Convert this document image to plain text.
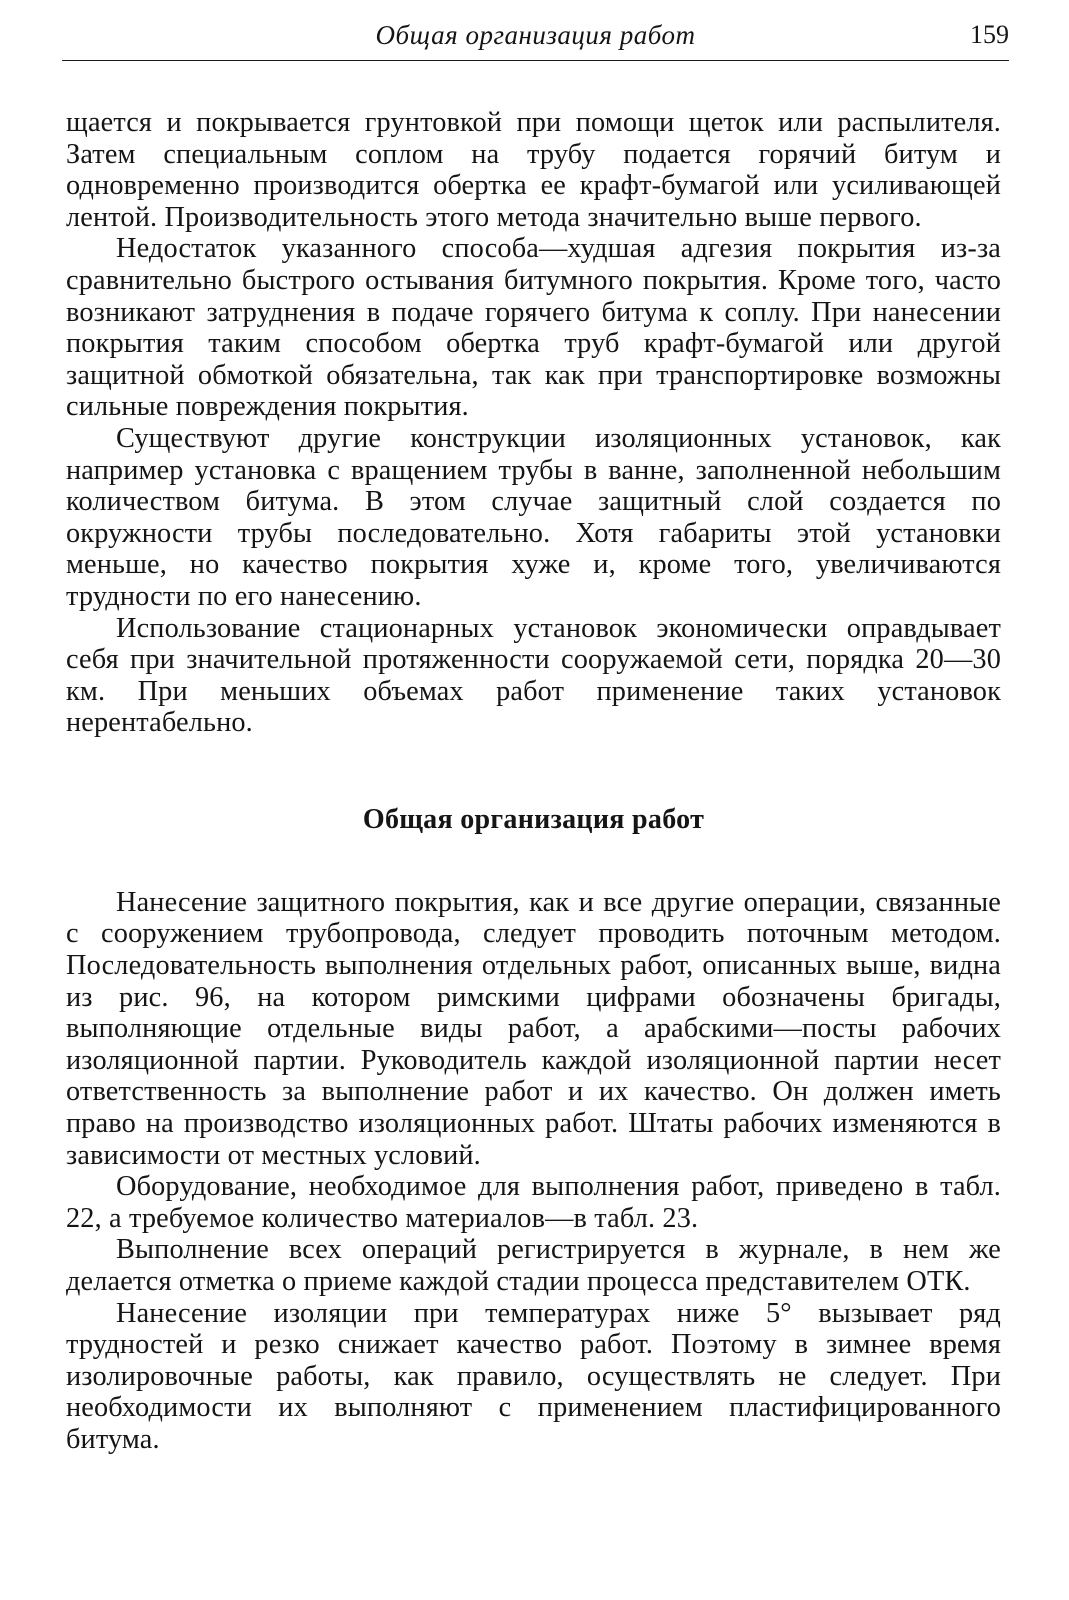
Общая организация работ	159

щается и покрывается грунтовкой при помощи щеток или распылителя. Затем специальным соплом на трубу подается горячий битум и одновременно производится обертка ее крафт-бумагой или усиливающей лентой. Производительность этого метода значительно выше первого.

Недостаток указанного способа—худшая адгезия покрытия из-за сравнительно быстрого остывания битумного покрытия. Кроме того, часто возникают затруднения в подаче горячего битума к соплу. При нанесении покрытия таким способом обертка труб крафт-бумагой или другой защитной обмоткой обязательна, так как при транспортировке возможны сильные повреждения покрытия.

Существуют другие конструкции изоляционных установок, как например установка с вращением трубы в ванне, заполненной небольшим количеством битума. В этом случае защитный слой создается по окружности трубы последовательно. Хотя габариты этой установки меньше, но качество покрытия хуже и, кроме того, увеличиваются трудности по его нанесению.

Использование стационарных установок экономически оправдывает себя при значительной протяженности сооружаемой сети, порядка 20—30 км. При меньших объемах работ применение таких установок нерентабельно.

Общая организация работ

Нанесение защитного покрытия, как и все другие операции, связанные с сооружением трубопровода, следует проводить поточным методом. Последовательность выполнения отдельных работ, описанных выше, видна из рис. 96, на котором римскими цифрами обозначены бригады, выполняющие отдельные виды работ, а арабскими—посты рабочих изоляционной партии. Руководитель каждой изоляционной партии несет ответственность за выполнение работ и их качество. Он должен иметь право на производство изоляционных работ. Штаты рабочих изменяются в зависимости от местных условий.

Оборудование, необходимое для выполнения работ, приведено в табл. 22, а требуемое количество материалов—в табл. 23.

Выполнение всех операций регистрируется в журнале, в нем же делается отметка о приеме каждой стадии процесса представителем ОТК.

Нанесение изоляции при температурах ниже 5° вызывает ряд трудностей и резко снижает качество работ. Поэтому в зимнее время изолировочные работы, как правило, осуществлять не следует. При необходимости их выполняют с применением пластифицированного битума.
